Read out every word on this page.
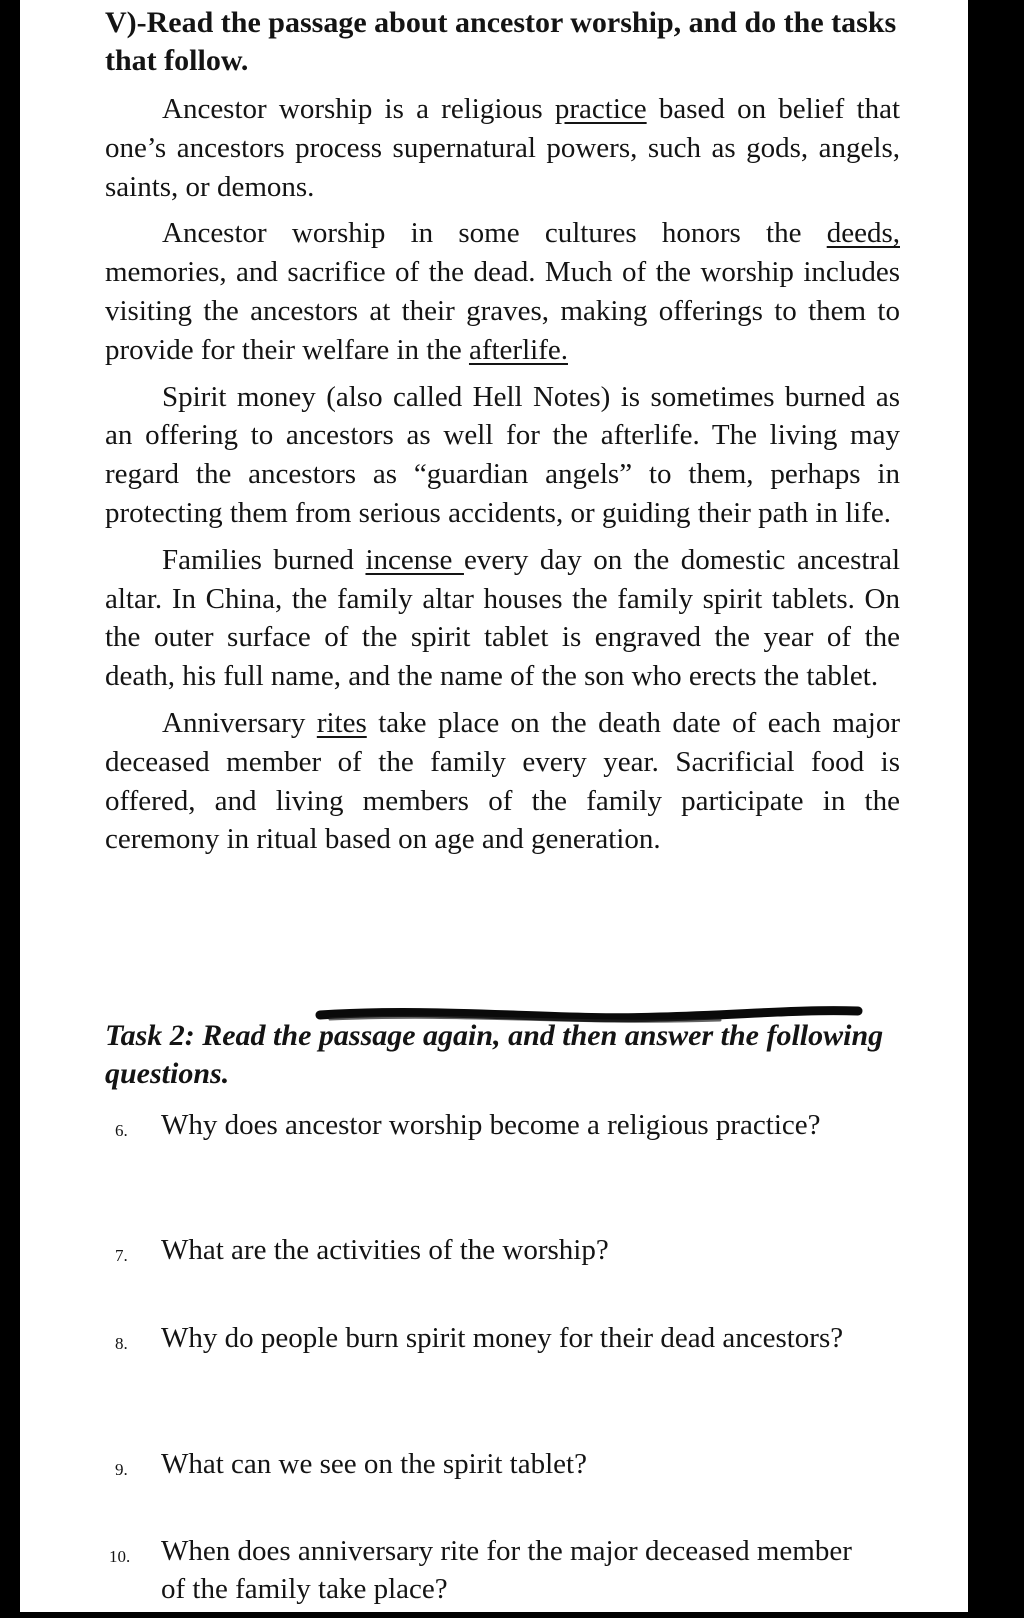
V)-Read the passage about ancestor worship, and do the tasks that follow.

Ancestor worship is a religious practice based on belief that one’s ancestors process supernatural powers, such as gods, angels, saints, or demons.

Ancestor worship in some cultures honors the deeds, memories, and sacrifice of the dead. Much of the worship includes visiting the ancestors at their graves, making offerings to them to provide for their welfare in the afterlife.

Spirit money (also called Hell Notes) is sometimes burned as an offering to ancestors as well for the afterlife. The living may regard the ancestors as “guardian angels” to them, perhaps in protecting them from serious accidents, or guiding their path in life.

Families burned incense every day on the domestic ancestral altar. In China, the family altar houses the family spirit tablets. On the outer surface of the spirit tablet is engraved the year of the death, his full name, and the name of the son who erects the tablet.

Anniversary rites take place on the death date of each major deceased member of the family every year. Sacrificial food is offered, and living members of the family participate in the ceremony in ritual based on age and generation.

Task 2: Read the passage again, and then answer the following questions.

6.	Why does ancestor worship become a religious practice?
7.	What are the activities of the worship?
8.	Why do people burn spirit money for their dead ancestors?
9.	What can we see on the spirit tablet?
10.	When does anniversary rite for the major deceased member of the family take place?
